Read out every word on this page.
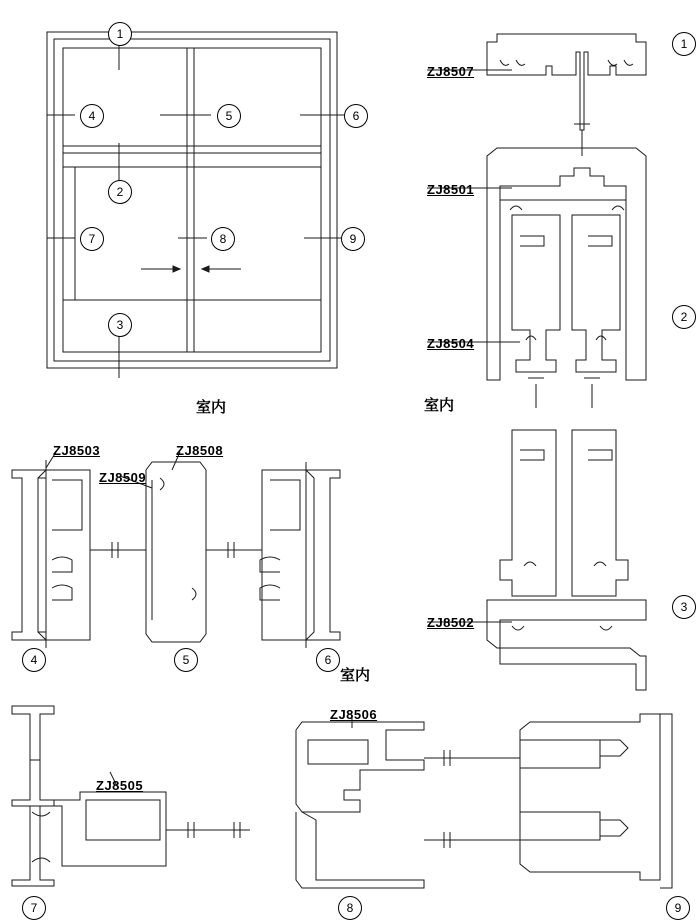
1
2
3
4	5	6
7	8	9
1
2
3
4	5	6
7	8	9
ZJ8507
ZJ8501
ZJ8504
ZJ8502
ZJ8503	ZJ8508
ZJ8509
ZJ8505
ZJ8506
室内	室内
室内
